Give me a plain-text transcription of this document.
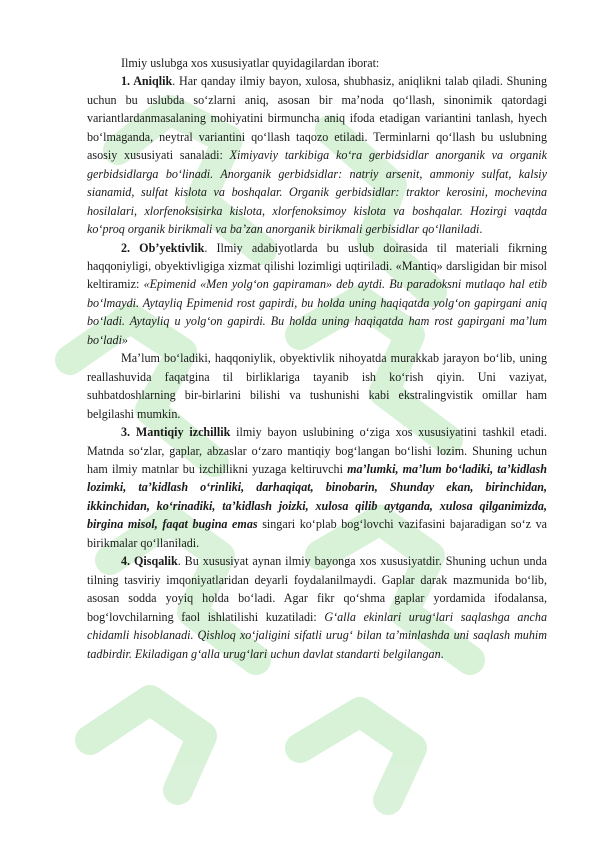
Ilmiy uslubga xos xususiyatlar quyidagilardan iborat:

1. Aniqlik. Har qanday ilmiy bayon, xulosa, shubhasiz, aniqlikni talab qiladi. Shuning uchun bu uslubda so‘zlarni aniq, asosan bir ma’noda qo‘llash, sinonimik qatordagi variantlardanmasalaning mohiyatini birmuncha aniq ifoda etadigan variantini tanlash, hyech bo‘lmaganda, neytral variantini qo‘llash taqozo etiladi. Terminlarni qo‘llash bu uslubning asosiy xususiyati sanaladi: Ximiyaviy tarkibiga ko‘ra gerbidsidlar anorganik va organik gerbidsidlarga bo‘linadi. Anorganik gerbidsidlar: natriy arsenit, ammoniy sulfat, kalsiy sianamid, sulfat kislota va boshqalar. Organik gerbidsidlar: traktor kerosini, mochevina hosilalari, xlorfenoksisirka kislota, xlorfenoksimoy kislota va boshqalar. Hozirgi vaqtda ko‘proq organik birikmali va ba’zan anorganik birikmali gerbisidlar qo‘llaniladi.

2. Ob’yektivlik. Ilmiy adabiyotlarda bu uslub doirasida til materiali fikrning haqqoniyligi, obyektivligiga xizmat qilishi lozimligi uqtiriladi. «Mantiq» darsligidan bir misol keltiramiz: «Epimenid «Men yolg‘on gapiraman» deb aytdi. Bu paradoksni mutlaqo hal etib bo‘lmaydi. Aytayliq Epimenid rost gapirdi, bu holda uning haqiqatda yolg‘on gapirgani aniq bo‘ladi. Aytayliq u yolg‘on gapirdi. Bu holda uning haqiqatda ham rost gapirgani ma’lum bo‘ladi»

Ma’lum bo‘ladiki, haqqoniylik, obyektivlik nihoyatda murakkab jarayon bo‘lib, uning reallashuvida faqatgina til birliklariga tayanib ish ko‘rish qiyin. Uni vaziyat, suhbatdoshlarning bir-birlarini bilishi va tushunishi kabi ekstralingvistik omillar ham belgilashi mumkin.

3. Mantiqiy izchillik ilmiy bayon uslubining o‘ziga xos xususiyatini tashkil etadi. Matnda so‘zlar, gaplar, abzaslar o‘zaro mantiqiy bog‘langan bo‘lishi lozim. Shuning uchun ham ilmiy matnlar bu izchillikni yuzaga keltiruvchi ma’lumki, ma’lum bo‘ladiki, ta’kidlash lozimki, ta’kidlash o‘rinliki, darhaqiqat, binobarin, Shunday ekan, birinchidan, ikkinchidan, ko‘rinadiki, ta’kidlash joizki, xulosa qilib aytganda, xulosa qilganimizda, birgina misol, faqat bugina emas singari ko‘plab bog‘lovchi vazifasini bajaradigan so‘z va birikmalar qo‘llaniladi.

4. Qisqalik. Bu xususiyat aynan ilmiy bayonga xos xususiyatdir. Shuning uchun unda tilning tasviriy imqoniyatlaridan deyarli foydalanilmaydi. Gaplar darak mazmunida bo‘lib, asosan sodda yoyiq holda bo‘ladi. Agar fikr qo‘shma gaplar yordamida ifodalansa, bog‘lovchilarning faol ishlatilishi kuzatiladi: G‘alla ekinlari urug‘lari saqlashga ancha chidamli hisoblanadi. Qishloq xo‘jaligini sifatli urug‘ bilan ta’minlashda uni saqlash muhim tadbirdir. Ekiladigan g‘alla urug‘lari uchun davlat standarti belgilangan.
